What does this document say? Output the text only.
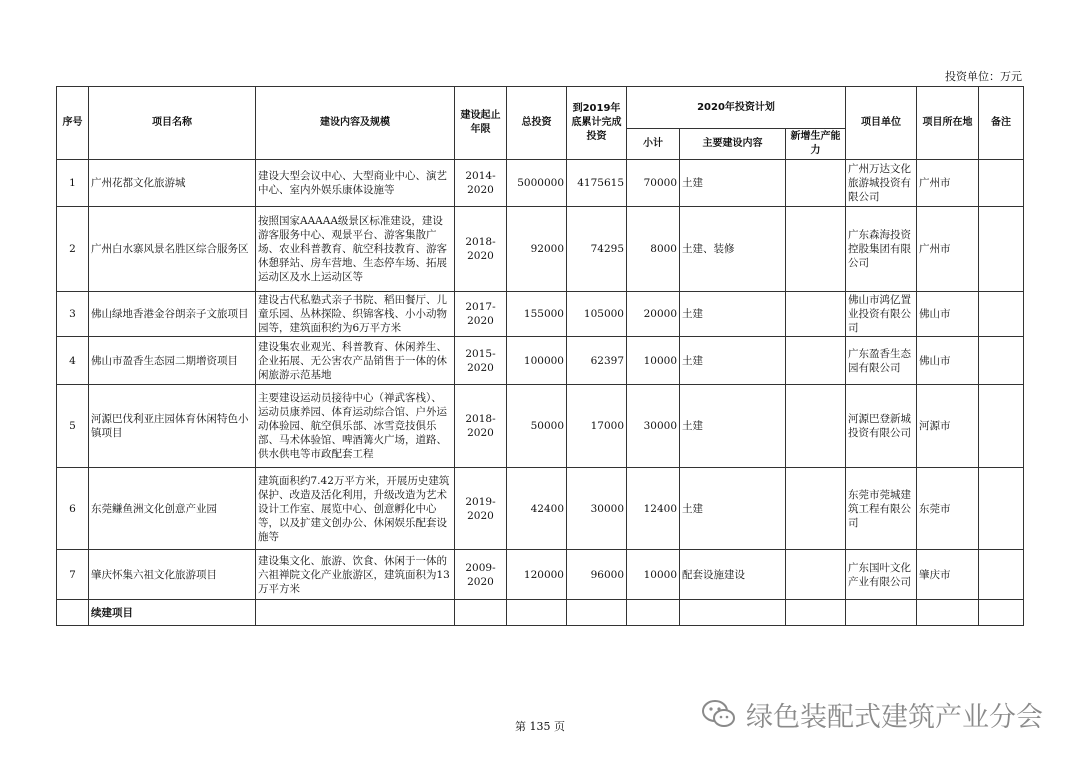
投资单位：万元
序号	项目名称	建设内容及规模	建设起止年限	总投资	到2019年底累计完成投资	2020年投资计划			项目单位	项目所在地	备注
						小计	主要建设内容	新增生产能力			
1	广州花都文化旅游城	建设大型会议中心、大型商业中心、演艺中心、室内外娱乐康体设施等	2014-2020	5000000	4175615	70000	土建		广州万达文化旅游城投资有限公司	广州市	
2	广州白水寨风景名胜区综合服务区	按照国家AAAAA级景区标准建设，建设游客服务中心、观景平台、游客集散广场、农业科普教育、航空科技教育、游客休憩驿站、房车营地、生态停车场、拓展运动区及水上运动区等	2018-2020	92000	74295	8000	土建、装修		广东森海投资控股集团有限公司	广州市	
3	佛山绿地香港金谷朗亲子文旅项目	建设古代私塾式亲子书院、稻田餐厅、儿童乐园、丛林探险、织锦客栈、小小动物园等，建筑面积约为6万平方米	2017-2020	155000	105000	20000	土建		佛山市鸿亿置业投资有限公司	佛山市	
4	佛山市盈香生态园二期增资项目	建设集农业观光、科普教育、休闲养生、企业拓展、无公害农产品销售于一体的休闲旅游示范基地	2015-2020	100000	62397	10000	土建		广东盈香生态园有限公司	佛山市	
5	河源巴伐利亚庄园体育休闲特色小镇项目	主要建设运动员接待中心（禅武客栈）、运动员康养园、体育运动综合馆、户外运动体验园、航空俱乐部、冰雪竞技俱乐部、马术体验馆、啤酒篝火广场，道路、供水供电等市政配套工程	2018-2020	50000	17000	30000	土建		河源巴登新城投资有限公司	河源市	
6	东莞鳒鱼洲文化创意产业园	建筑面积约7.42万平方米，开展历史建筑保护、改造及活化利用，升级改造为艺术设计工作室、展览中心、创意孵化中心等，以及扩建文创办公、休闲娱乐配套设施等	2019-2020	42400	30000	12400	土建		东莞市莞城建筑工程有限公司	东莞市	
7	肇庆怀集六祖文化旅游项目	建设集文化、旅游、饮食、休闲于一体的六祖禅院文化产业旅游区，建筑面积为13万平方米	2009-2020	120000	96000	10000	配套设施建设		广东国叶文化产业有限公司	肇庆市	
	续建项目										
第 135 页	绿色装配式建筑产业分会
